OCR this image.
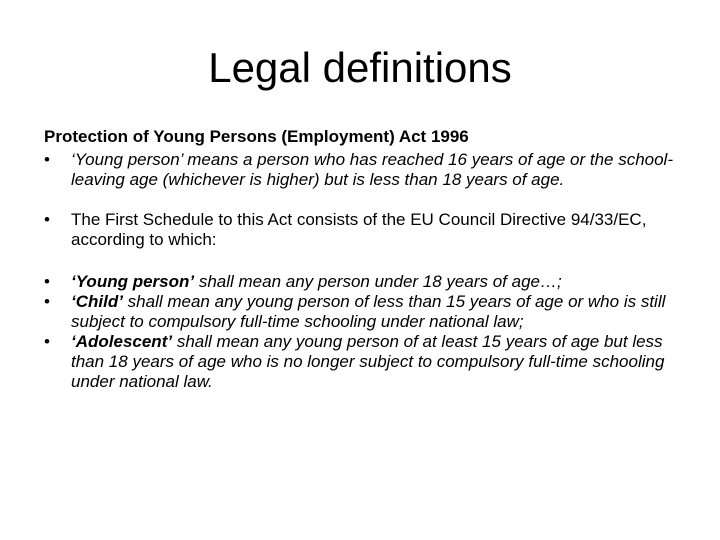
Legal definitions

Protection of Young Persons (Employment) Act 1996

•	‘Young person’ means a person who has reached 16 years of age or the school-leaving age (whichever is higher) but is less than 18 years of age.

•	The First Schedule to this Act consists of the EU Council Directive 94/33/EC, according to which:

•	‘Young person’ shall mean any person under 18 years of age…;

•	‘Child’ shall mean any young person of less than 15 years of age or who is still subject to compulsory full-time schooling under national law;

•	‘Adolescent’ shall mean any young person of at least 15 years of age but less than 18 years of age who is no longer subject to compulsory full-time schooling under national law.
